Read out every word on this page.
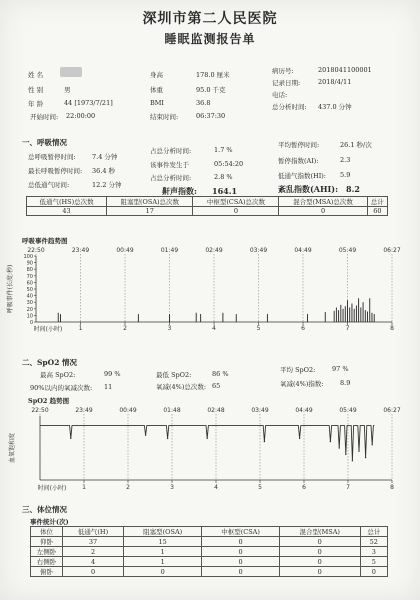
深圳市第二人民医院
睡眠监测报告单
姓 名
性 别	男
年 龄	44 [1973/7/21]
开始时间: 22:00:00
身高	178.0 厘米
体重	95.0 千克
BMI	36.8
结束时间:	06:37:30
病历号:	2018041100001
记录日期:	2018/4/11
电话:
总分析时间: 437.0 分钟
一、呼吸情况
总呼吸暂停时间:	7.4 分钟
占总分析时间:	1.7 %
平均暂停时间:	26.1 秒/次
最长呼吸暂停时间: 36.4 秒
该事件发生于	05:54:20	暂停指数(AI):	2.3
总低通气时间:	12.2 分钟
占总分析时间:	2.8 %	低通气指数(HI): 5.9
鼾声指数: 164.1	紊乱指数(AHI): 8.2
低通气(HS)总次数	阻塞型(OSA)总次数	中枢型(CSA)总次数	混合型(MSA)总次数	总计
43	17	0	0	60
呼吸事件趋势图
0
10
20
30
40
50
60
70
80
90
100
22:50	23:49	00:49	01:49	02:49	03:49	04:49	05:49	06:27
1	2	3	4	5	6	7	8
呼吸事件(长度:秒)
时间(小时)
二、SpO2 情况
最高 SpO2:	99 %	最低 SpO2:	86 %	平均 SpO2:	97 %
90%以内的氧减次数: 11	氧减(4%)总次数: 65	氧减(4%)指数:	8.9
SpO2 趋势图
22:50	23:49	00:49	01:48	02:48	03:49	04:49	05:49	06:27
1	2	3	4	5	6	7	8
血氧饱和度
时间(小时)
三、体位情况
事件统计(次)
体位	低通气(H)	阻塞型(OSA)	中枢型(CSA)	混合型(MSA)	总计
仰卧	37	15	0	0	52
左侧卧	2	1	0	0	3
右侧卧	4	1	0	0	5
俯卧	0	0	0	0	0
